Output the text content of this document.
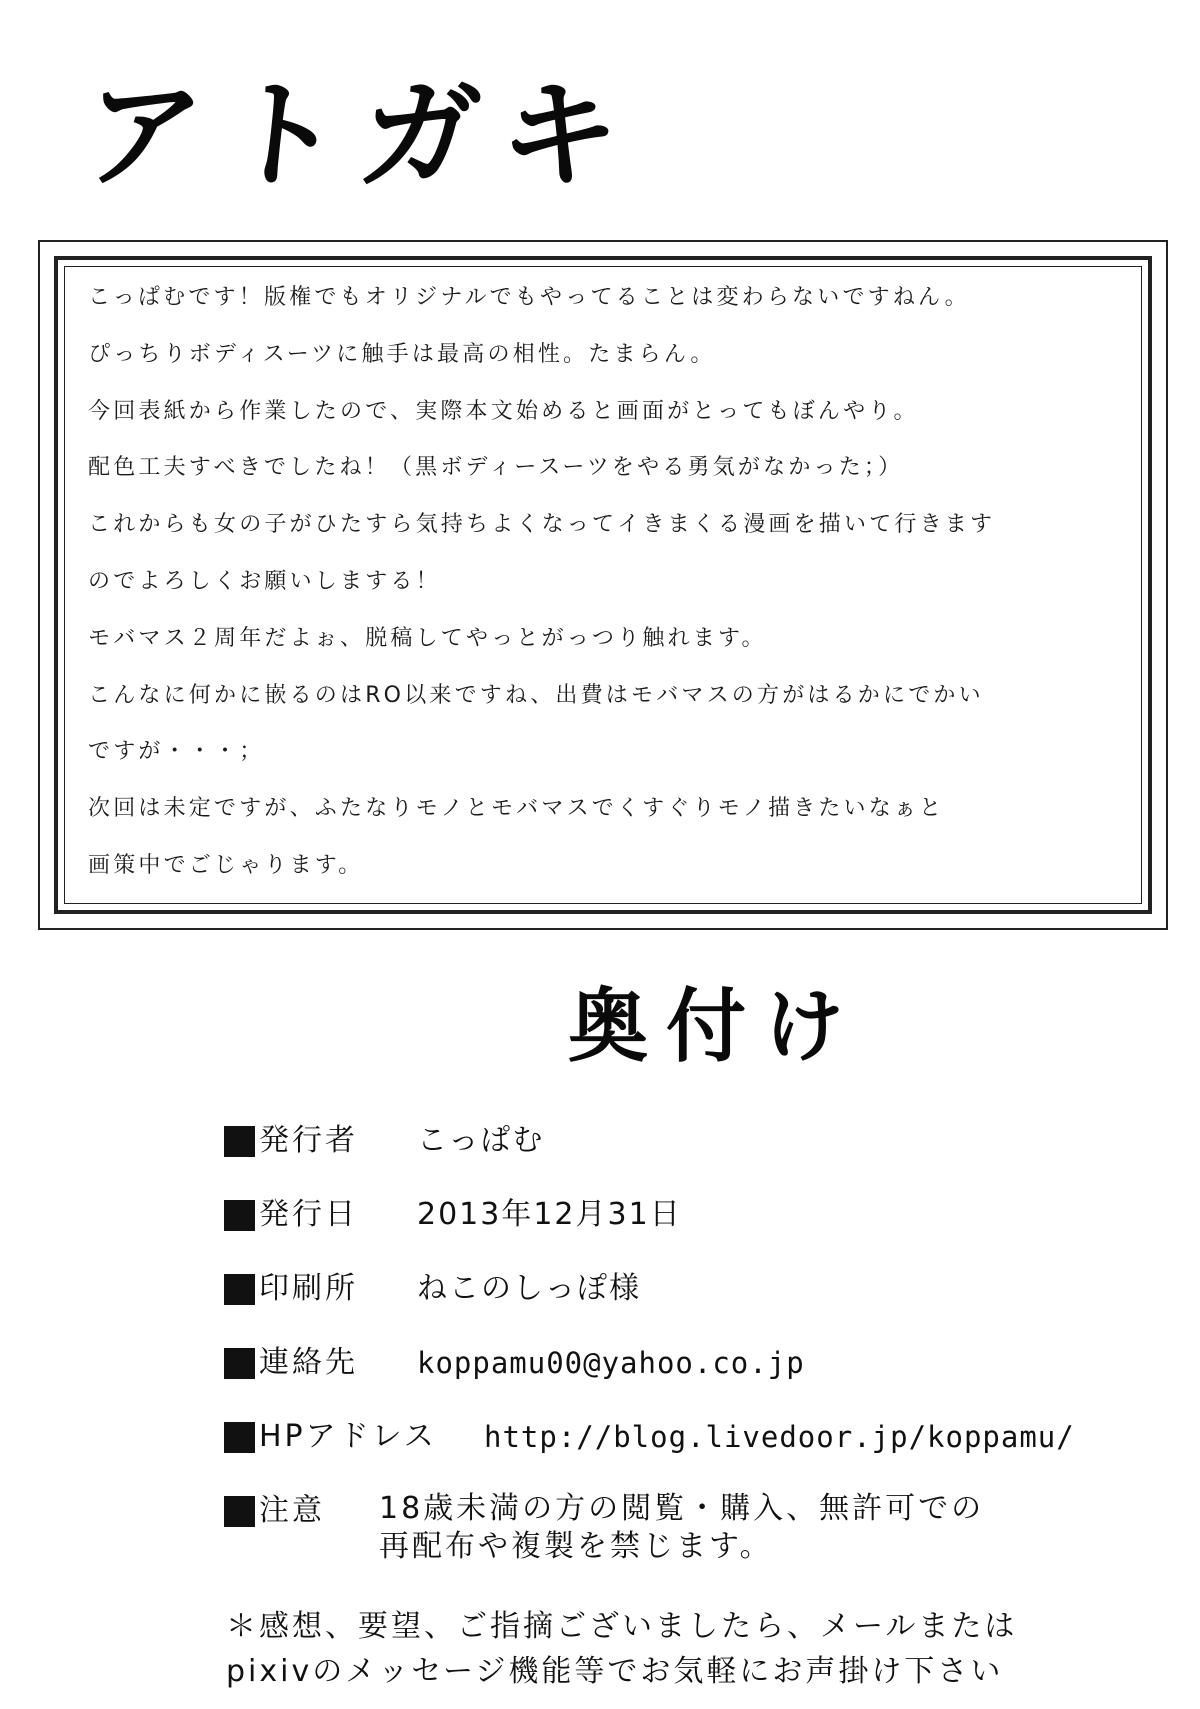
アトガキ
こっぱむです！版権でもオリジナルでもやってることは変わらないですねん。
ぴっちりボディスーツに触手は最高の相性。たまらん。
今回表紙から作業したので、実際本文始めると画面がとってもぼんやり。
配色工夫すべきでしたね！（黒ボディースーツをやる勇気がなかった；）
これからも女の子がひたすら気持ちよくなってイきまくる漫画を描いて行きます
のでよろしくお願いしまする！
モバマス２周年だよぉ、脱稿してやっとがっつり触れます。
こんなに何かに嵌るのはRO以来ですね、出費はモバマスの方がはるかにでかい
ですが・・・；
次回は未定ですが、ふたなりモノとモバマスでくすぐりモノ描きたいなぁと
画策中でごじゃります。
奥付け
発行者	こっぱむ
発行日	2013年12月31日
印刷所	ねこのしっぽ様
連絡先	koppamu00@yahoo.co.jp
HPアドレス	http://blog.livedoor.jp/koppamu/
注意	18歳未満の方の閲覧・購入、無許可での
再配布や複製を禁じます。
＊感想、要望、ご指摘ございましたら、メールまたは
pixivのメッセージ機能等でお気軽にお声掛け下さい
